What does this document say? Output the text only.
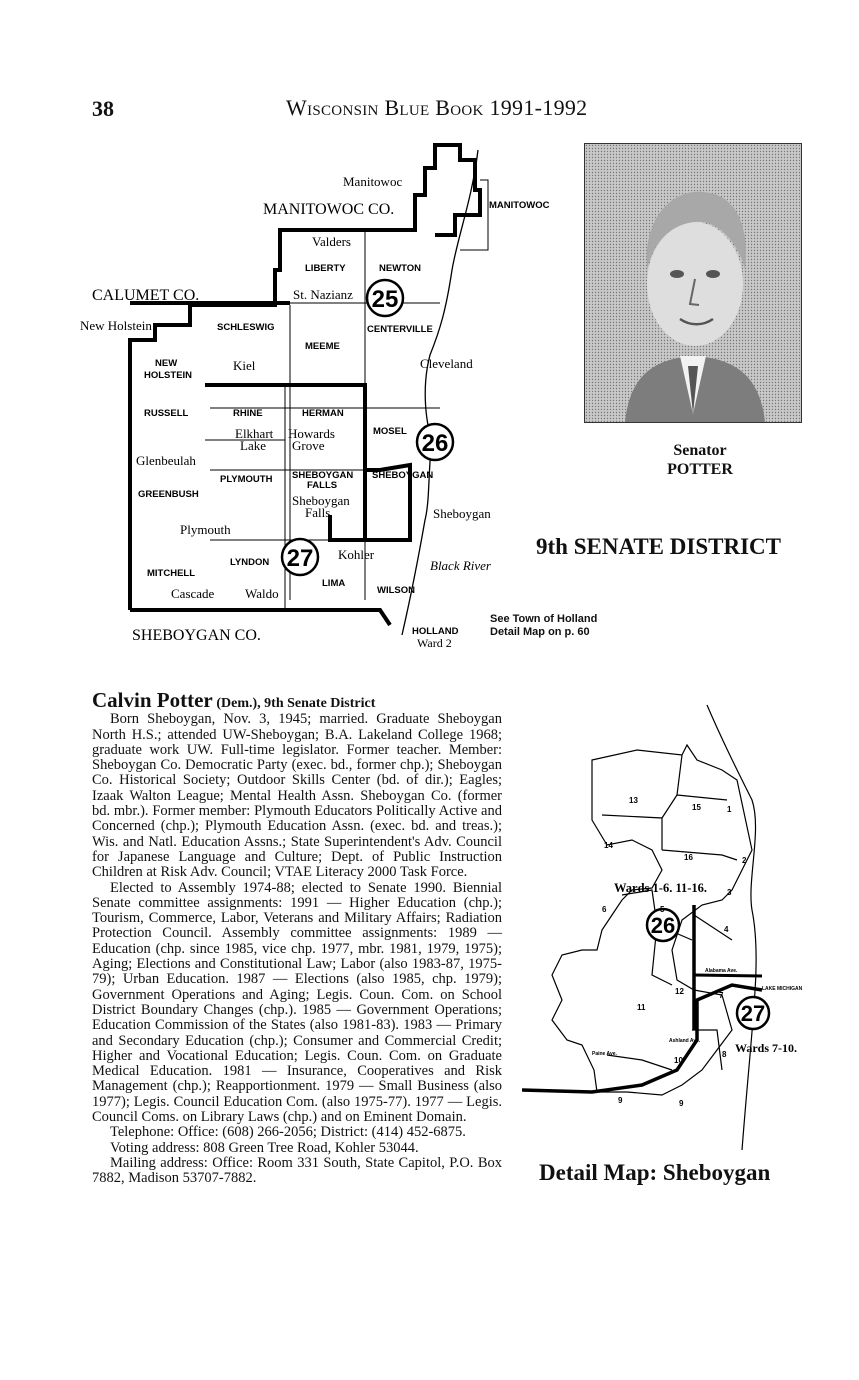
38	Wisconsin Blue Book 1991-1992
25
26
27
MANITOWOC CO.
CALUMET CO.
SHEBOYGAN CO.
Manitowoc
Valders
St. Nazianz
New Holstein
Kiel	Cleveland
Elkhart
Lake
Howards
Grove
Glenbeulah
Sheboygan
Falls	Sheboygan
Plymouth
Kohler
Black River
Cascade Waldo
MANITOWOC
LIBERTY	NEWTON
SCHLESWIG
MEEME
CENTERVILLE
NEW
HOLSTEIN
RUSSELL	RHINE	HERMAN
MOSEL
GREENBUSH
PLYMOUTH SHEBOYGAN
FALLS
SHEBOYGAN
MITCHELL
LYNDON
LIMA
WILSON
HOLLAND
Ward 2
Senator
POTTER
9th SENATE DISTRICT
See Town of Holland
Detail Map on p. 60
Calvin Potter (Dem.), 9th Senate District

Born Sheboygan, Nov. 3, 1945; married. Graduate Sheboygan North H.S.; attended UW-Sheboygan; B.A. Lakeland College 1968; graduate work UW. Full-time legislator. Former teacher. Member: Sheboygan Co. Democratic Party (exec. bd., former chp.); Sheboygan Co. Historical Society; Outdoor Skills Center (bd. of dir.); Eagles; Izaak Walton League; Mental Health Assn. Sheboygan Co. (former bd. mbr.). Former member: Plymouth Educators Politically Active and Concerned (chp.); Plymouth Education Assn. (exec. bd. and treas.); Wis. and Natl. Education Assns.; State Superintendent's Adv. Council for Japanese Language and Culture; Dept. of Public Instruction Children at Risk Adv. Council; VTAE Literacy 2000 Task Force.

Elected to Assembly 1974-88; elected to Senate 1990. Biennial Senate committee assignments: 1991 — Higher Education (chp.); Tourism, Commerce, Labor, Veterans and Military Affairs; Radiation Protection Council. Assembly committee assignments: 1989 — Education (chp. since 1985, vice chp. 1977, mbr. 1981, 1979, 1975); Aging; Elections and Constitutional Law; Labor (also 1983-87, 1975-79); Urban Education. 1987 — Elections (also 1985, chp. 1979); Government Operations and Aging; Legis. Coun. Com. on School District Boundary Changes (chp.). 1985 — Government Operations; Education Commission of the States (also 1981-83). 1983 — Primary and Secondary Education (chp.); Consumer and Commercial Credit; Higher and Vocational Education; Legis. Coun. Com. on Graduate Medical Education. 1981 — Insurance, Cooperatives and Risk Management (chp.); Reapportionment. 1979 — Small Business (also 1977); Legis. Council Education Com. (also 1975-77). 1977 — Legis. Council Coms. on Library Laws (chp.) and on Eminent Domain.

Telephone: Office: (608) 266-2056; District: (414) 452-6875.

Voting address: 808 Green Tree Road, Kohler 53044.

Mailing address: Office: Room 331 South, State Capitol, P.O. Box 7882, Madison 53707-7882.

26
27
13
15	1
14
16	2
3
6	5
4
12	7
11
8
10
9	9
Alabama Ave.
LAKE MICHIGAN
Ashland Ave.
Paine Ave.
Wards 1-6. 11-16.
Wards 7-10.
Detail Map: Sheboygan
